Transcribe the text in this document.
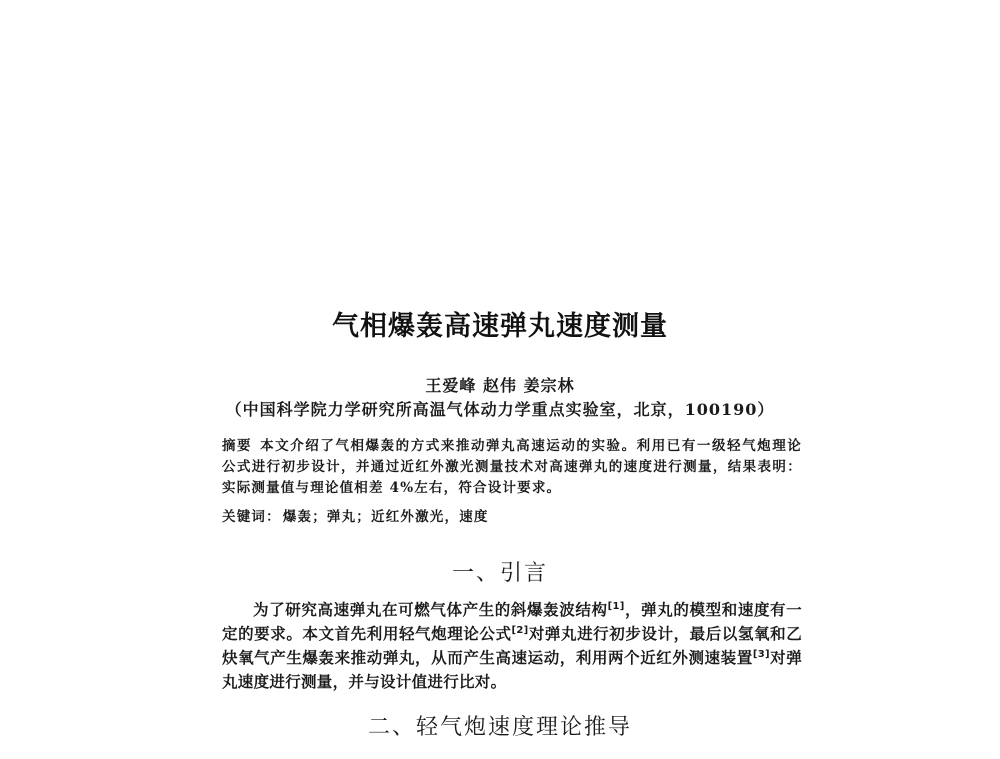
气相爆轰高速弹丸速度测量
王爱峰 赵伟 姜宗林
（中国科学院力学研究所高温气体动力学重点实验室，北京，100190）
摘要 本文介绍了气相爆轰的方式来推动弹丸高速运动的实验。利用已有一级轻气炮理论公式进行初步设计，并通过近红外激光测量技术对高速弹丸的速度进行测量，结果表明：实际测量值与理论值相差 4%左右，符合设计要求。
关键词： 爆轰；弹丸；近红外激光，速度
一、引言
为了研究高速弹丸在可燃气体产生的斜爆轰波结构[1]，弹丸的模型和速度有一定的要求。本文首先利用轻气炮理论公式[2]对弹丸进行初步设计，最后以氢氧和乙炔氧气产生爆轰来推动弹丸，从而产生高速运动，利用两个近红外测速装置[3]对弹丸速度进行测量，并与设计值进行比对。
二、轻气炮速度理论推导
